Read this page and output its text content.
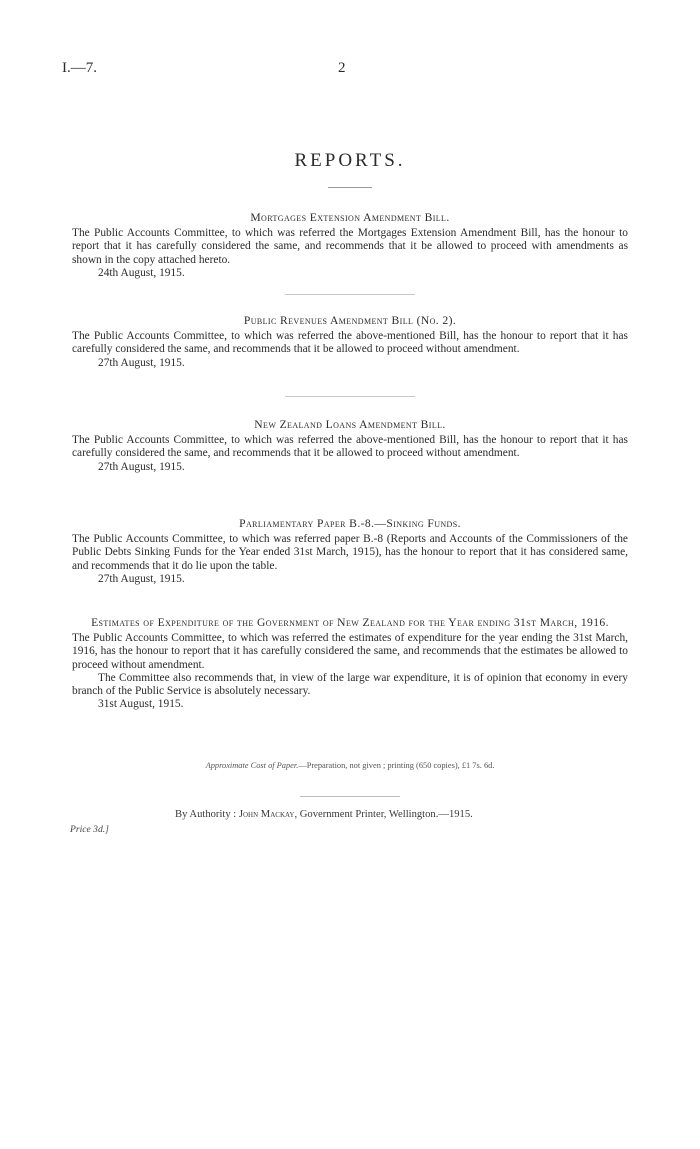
I.—7.	2
REPORTS.
Mortgages Extension Amendment Bill.

The Public Accounts Committee, to which was referred the Mortgages Extension Amendment Bill, has the honour to report that it has carefully considered the same, and recommends that it be allowed to proceed with amendments as shown in the copy attached hereto.

24th August, 1915.
Public Revenues Amendment Bill (No. 2).

The Public Accounts Committee, to which was referred the above-mentioned Bill, has the honour to report that it has carefully considered the same, and recommends that it be allowed to proceed without amendment.

27th August, 1915.
New Zealand Loans Amendment Bill.

The Public Accounts Committee, to which was referred the above-mentioned Bill, has the honour to report that it has carefully considered the same, and recommends that it be allowed to proceed without amendment.

27th August, 1915.
Parliamentary Paper B.-8.—Sinking Funds.

The Public Accounts Committee, to which was referred paper B.-8 (Reports and Accounts of the Commissioners of the Public Debts Sinking Funds for the Year ended 31st March, 1915), has the honour to report that it has considered same, and recommends that it do lie upon the table.

27th August, 1915.
Estimates of Expenditure of the Government of New Zealand for the Year ending 31st March, 1916.

The Public Accounts Committee, to which was referred the estimates of expenditure for the year ending the 31st March, 1916, has the honour to report that it has carefully considered the same, and recommends that the estimates be allowed to proceed without amendment.

The Committee also recommends that, in view of the large war expenditure, it is of opinion that economy in every branch of the Public Service is absolutely necessary.

31st August, 1915.
Approximate Cost of Paper.—Preparation, not given ; printing (650 copies), £1 7s. 6d.
By Authority : John Mackay, Government Printer, Wellington.—1915.
Price 3d.]
